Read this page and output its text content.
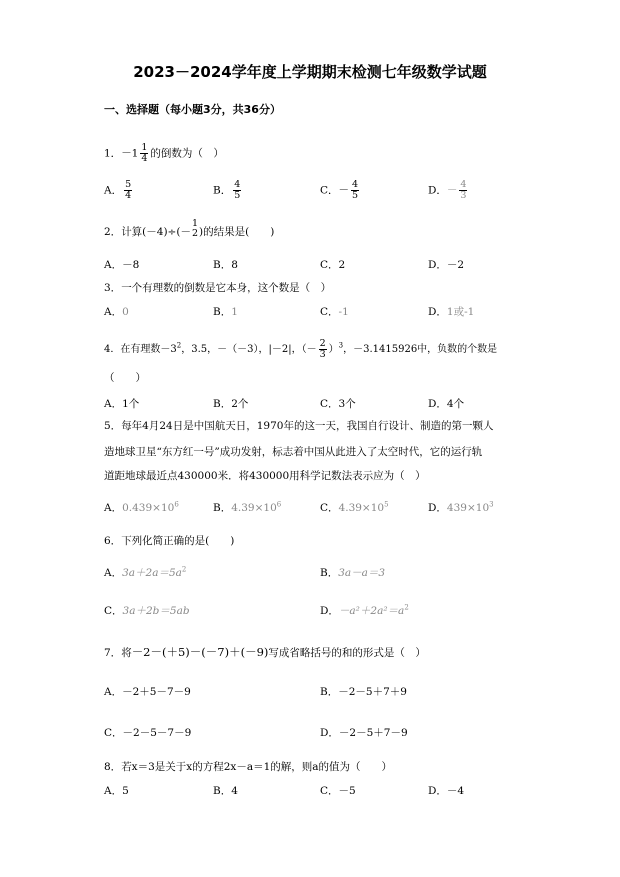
2023－2024学年度上学期期末检测七年级数学试题
一、选择题（每小题3分，共36分）
1．$-1 \frac{1}{4}$ 的倒数为（　）
A． $\frac{5}{4}$	B． $\frac{4}{5}$	C．－ $\frac{4}{5}$	D．－ $\frac{4}{3}$
2．计算(－4)÷(－
1
2 )的结果是(　　)
A．－8	B．8	C．2	D．－2
3．一个有理数的倒数是它本身，这个数是（　）
A．0	B．1	C．-1	D．1或-1
4．在有理数$-3^2$，3.5，－（－3），|－2|，（－ $\frac{2}{3} )^3$，－3.1415926中，负数的个数是
（　　）
A．1个	B．2个	C．3个	D．4个
5．每年4月24日是中国航天日，1970年的这一天，我国自行设计、制造的第一颗人
造地球卫星“东方红一号”成功发射，标志着中国从此进入了太空时代，它的运行轨
道距地球最近点430000米．将430000用科学记数法表示应为（　）
A．$0.439\times 10^6$	B．$4.39\times 10^6$	C．$4.39\times 10^5$	D．$439\times 10^3$
6．下列化简正确的是(　　)
A．$3a+2a=5a^2$	B．3a－a＝3
C．3a＋2b＝5ab	D．$-a^2+2a^2=a^2$
7．将－2－(＋5)－(－7)＋(－9)写成省略括号的和的形式是（　）
A．－2＋5－7－9	B．－2－5＋7＋9
C．－2－5－7－9	D．－2－5＋7－9
8．若x＝3是关于x的方程2x－a＝1的解，则a的值为（　　）
A．5	B．4	C．－5	D．－4
